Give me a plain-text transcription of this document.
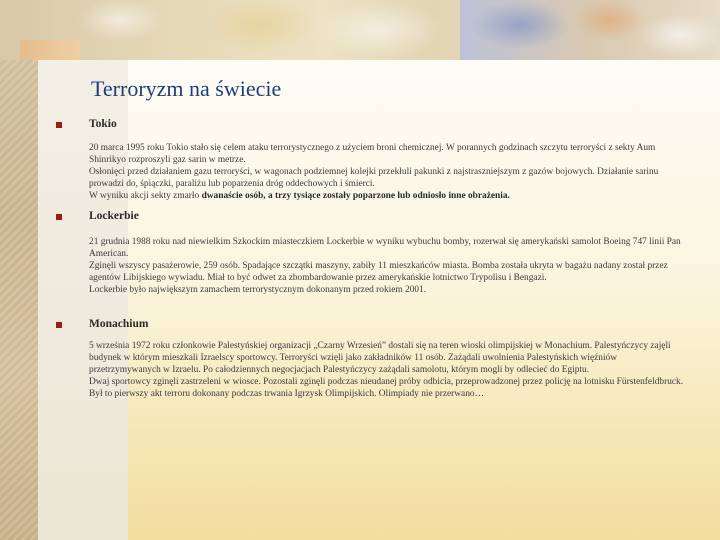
Terroryzm na świecie
Tokio

20 marca 1995 roku Tokio stało się celem ataku terrorystycznego z użyciem broni chemicznej. W porannych godzinach szczytu terroryści z sekty Aum Shinrikyo rozproszyli gaz sarin w metrze.

Osłonięci przed działaniem gazu terroryści, w wagonach podziemnej kolejki przekłuli pakunki z najstraszniejszym z gazów bojowych. Działanie sarinu prowadzi do, śpiączki, paraliżu lub poparzenia dróg oddechowych i śmierci.

W wyniku akcji sekty zmarło dwanaście osób, a trzy tysiące zostały poparzone lub odniosło inne obrażenia.

Lockerbie

21 grudnia 1988 roku nad niewielkim Szkockim miasteczkiem Lockerbie w wyniku wybuchu bomby, rozerwał się amerykański samolot Boeing 747 linii Pan American.

Zginęli wszyscy pasażerowie, 259 osób. Spadające szczątki maszyny, zabiły 11 mieszkańców miasta. Bomba została ukryta w bagażu nadany został przez agentów Libijskiego wywiadu. Miał to być odwet za zbombardowanie przez amerykańskie lotnictwo Trypolisu i Bengazi.

Lockerbie było największym zamachem terrorystycznym dokonanym przed rokiem 2001.

Monachium

5 września 1972 roku członkowie Palestyńskiej organizacji „Czarny Wrzesień” dostali się na teren wioski olimpijskiej w Monachium. Palestyńczycy zajęli budynek w którym mieszkali Izraelscy sportowcy. Terroryści wzięli jako zakładników 11 osób. Zażądali uwolnienia Palestyńskich więźniów przetrzymywanych w Izraelu. Po całodziennych negocjacjach Palestyńczycy zażądali samolotu, którym mogli by odlecieć do Egiptu.

Dwaj sportowcy zginęli zastrzeleni w wiosce. Pozostali zginęli podczas nieudanej próby odbicia, przeprowadzonej przez policję na lotnisku Fürstenfeldbruck. Był to pierwszy akt terroru dokonany podczas trwania Igrzysk Olimpijskich. Olimpiady nie przerwano…
